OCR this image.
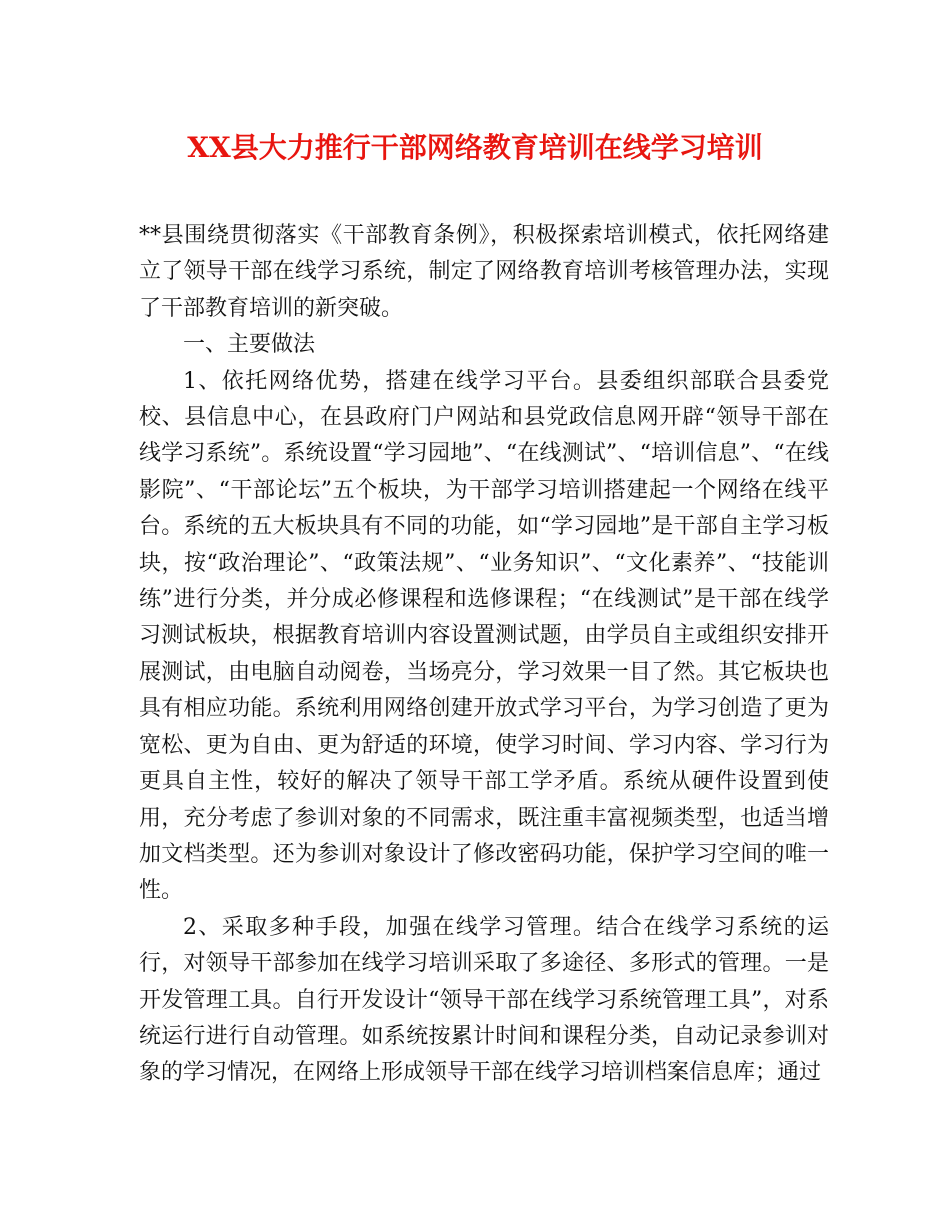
XX县大力推行干部网络教育培训在线学习培训

**县围绕贯彻落实《干部教育条例》，积极探索培训模式，依托网络建立了领导干部在线学习系统，制定了网络教育培训考核管理办法，实现了干部教育培训的新突破。

一、主要做法

1、依托网络优势，搭建在线学习平台。县委组织部联合县委党校、县信息中心，在县政府门户网站和县党政信息网开辟“领导干部在线学习系统”。系统设置“学习园地”、“在线测试”、“培训信息”、“在线影院”、“干部论坛”五个板块，为干部学习培训搭建起一个网络在线平台。系统的五大板块具有不同的功能，如“学习园地”是干部自主学习板块，按“政治理论”、“政策法规”、“业务知识”、“文化素养”、“技能训练”进行分类，并分成必修课程和选修课程；“在线测试”是干部在线学习测试板块，根据教育培训内容设置测试题，由学员自主或组织安排开展测试，由电脑自动阅卷，当场亮分，学习效果一目了然。其它板块也具有相应功能。系统利用网络创建开放式学习平台，为学习创造了更为宽松、更为自由、更为舒适的环境，使学习时间、学习内容、学习行为更具自主性，较好的解决了领导干部工学矛盾。系统从硬件设置到使用，充分考虑了参训对象的不同需求，既注重丰富视频类型，也适当增加文档类型。还为参训对象设计了修改密码功能，保护学习空间的唯一性。

2、采取多种手段，加强在线学习管理。结合在线学习系统的运行，对领导干部参加在线学习培训采取了多途径、多形式的管理。一是开发管理工具。自行开发设计“领导干部在线学习系统管理工具”，对系统运行进行自动管理。如系统按累计时间和课程分类，自动记录参训对象的学习情况，在网络上形成领导干部在线学习培训档案信息库；通过
